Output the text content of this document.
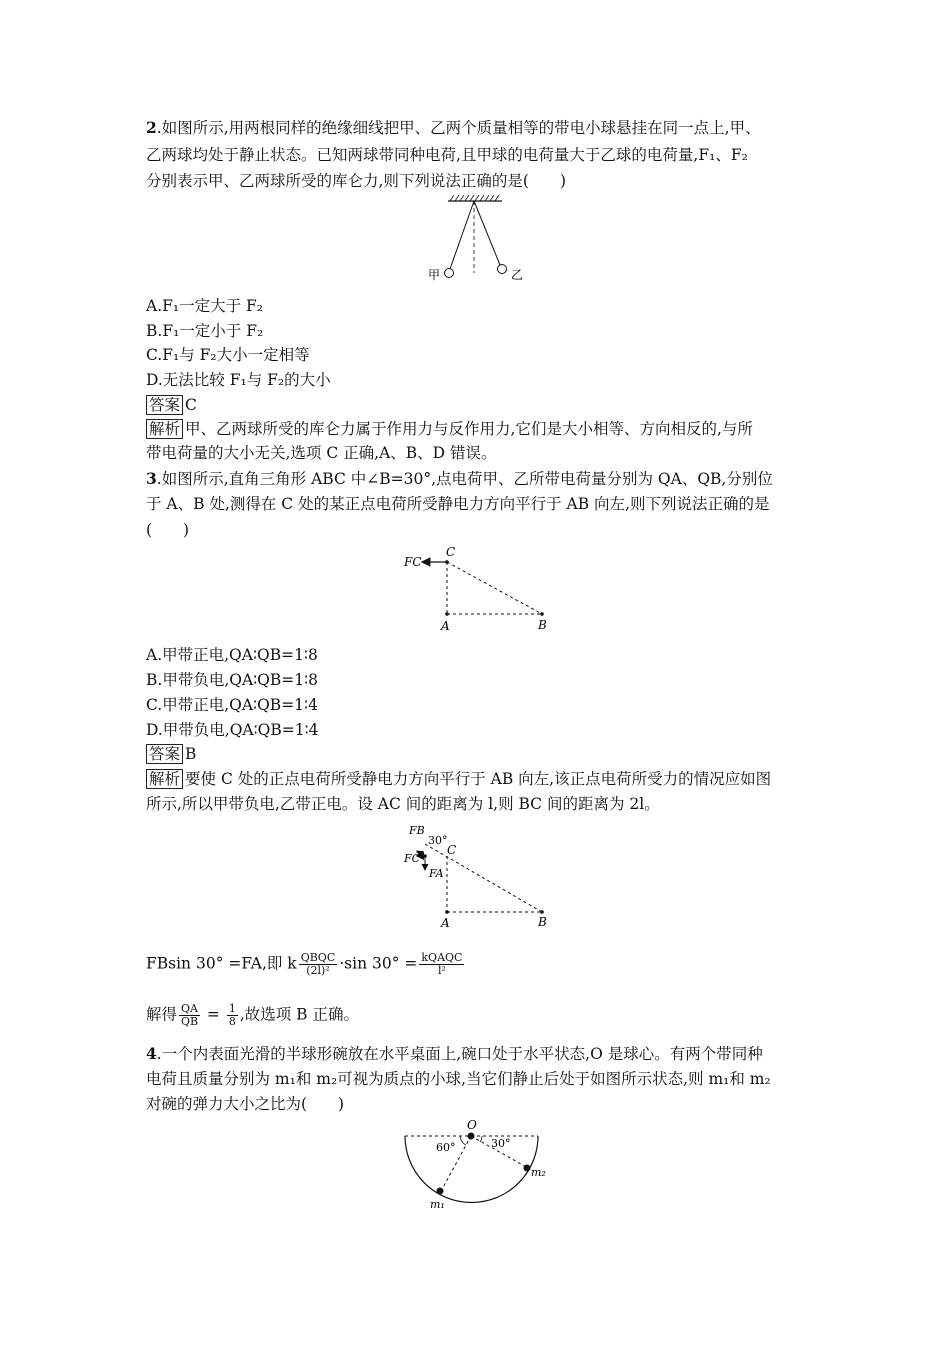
2.如图所示,用两根同样的绝缘细线把甲、乙两个质量相等的带电小球悬挂在同一点上,甲、
乙两球均处于静止状态。已知两球带同种电荷,且甲球的电荷量大于乙球的电荷量,F₁、F₂
分别表示甲、乙两球所受的库仑力,则下列说法正确的是(　　)
甲	乙
A.F₁一定大于 F₂
B.F₁一定小于 F₂
C.F₁与 F₂大小一定相等
D.无法比较 F₁与 F₂的大小
答案 C
解析 甲、乙两球所受的库仑力属于作用力与反作用力,它们是大小相等、方向相反的,与所
带电荷量的大小无关,选项 C 正确,A、B、D 错误。
3.如图所示,直角三角形 ABC 中∠B=30°,点电荷甲、乙所带电荷量分别为 QA、QB,分别位
于 A、B 处,测得在 C 处的某正点电荷所受静电力方向平行于 AB 向左,则下列说法正确的是
(　　)
FC
C
A	B
A.甲带正电,QA∶QB=1∶8
B.甲带负电,QA∶QB=1∶8
C.甲带正电,QA∶QB=1∶4
D.甲带负电,QA∶QB=1∶4
答案 B
解析 要使 C 处的正点电荷所受静电力方向平行于 AB 向左,该正点电荷所受力的情况应如图
所示,所以甲带负电,乙带正电。设 AC 间的距离为 l,则 BC 间的距离为 2l。
FB
30°
FC
C
FA
A	B
FBsin 30° =FA,即 k $\frac{\text{QBQC}}{\text{(2l)²}} \cdot\sin$ $30^\circ = \frac{\text{kQAQC}}{\text{l²}}$
解得 $\frac{QA}{QB} = \frac{1}{8}$ ,故选项 B 正确。
4.一个内表面光滑的半球形碗放在水平桌面上,碗口处于水平状态,O 是球心。有两个带同种
电荷且质量分别为 m₁和 m₂可视为质点的小球,当它们静止后处于如图所示状态,则 m₁和 m₂
对碗的弹力大小之比为(　　)
O
60°	30°
m₁
m₂
